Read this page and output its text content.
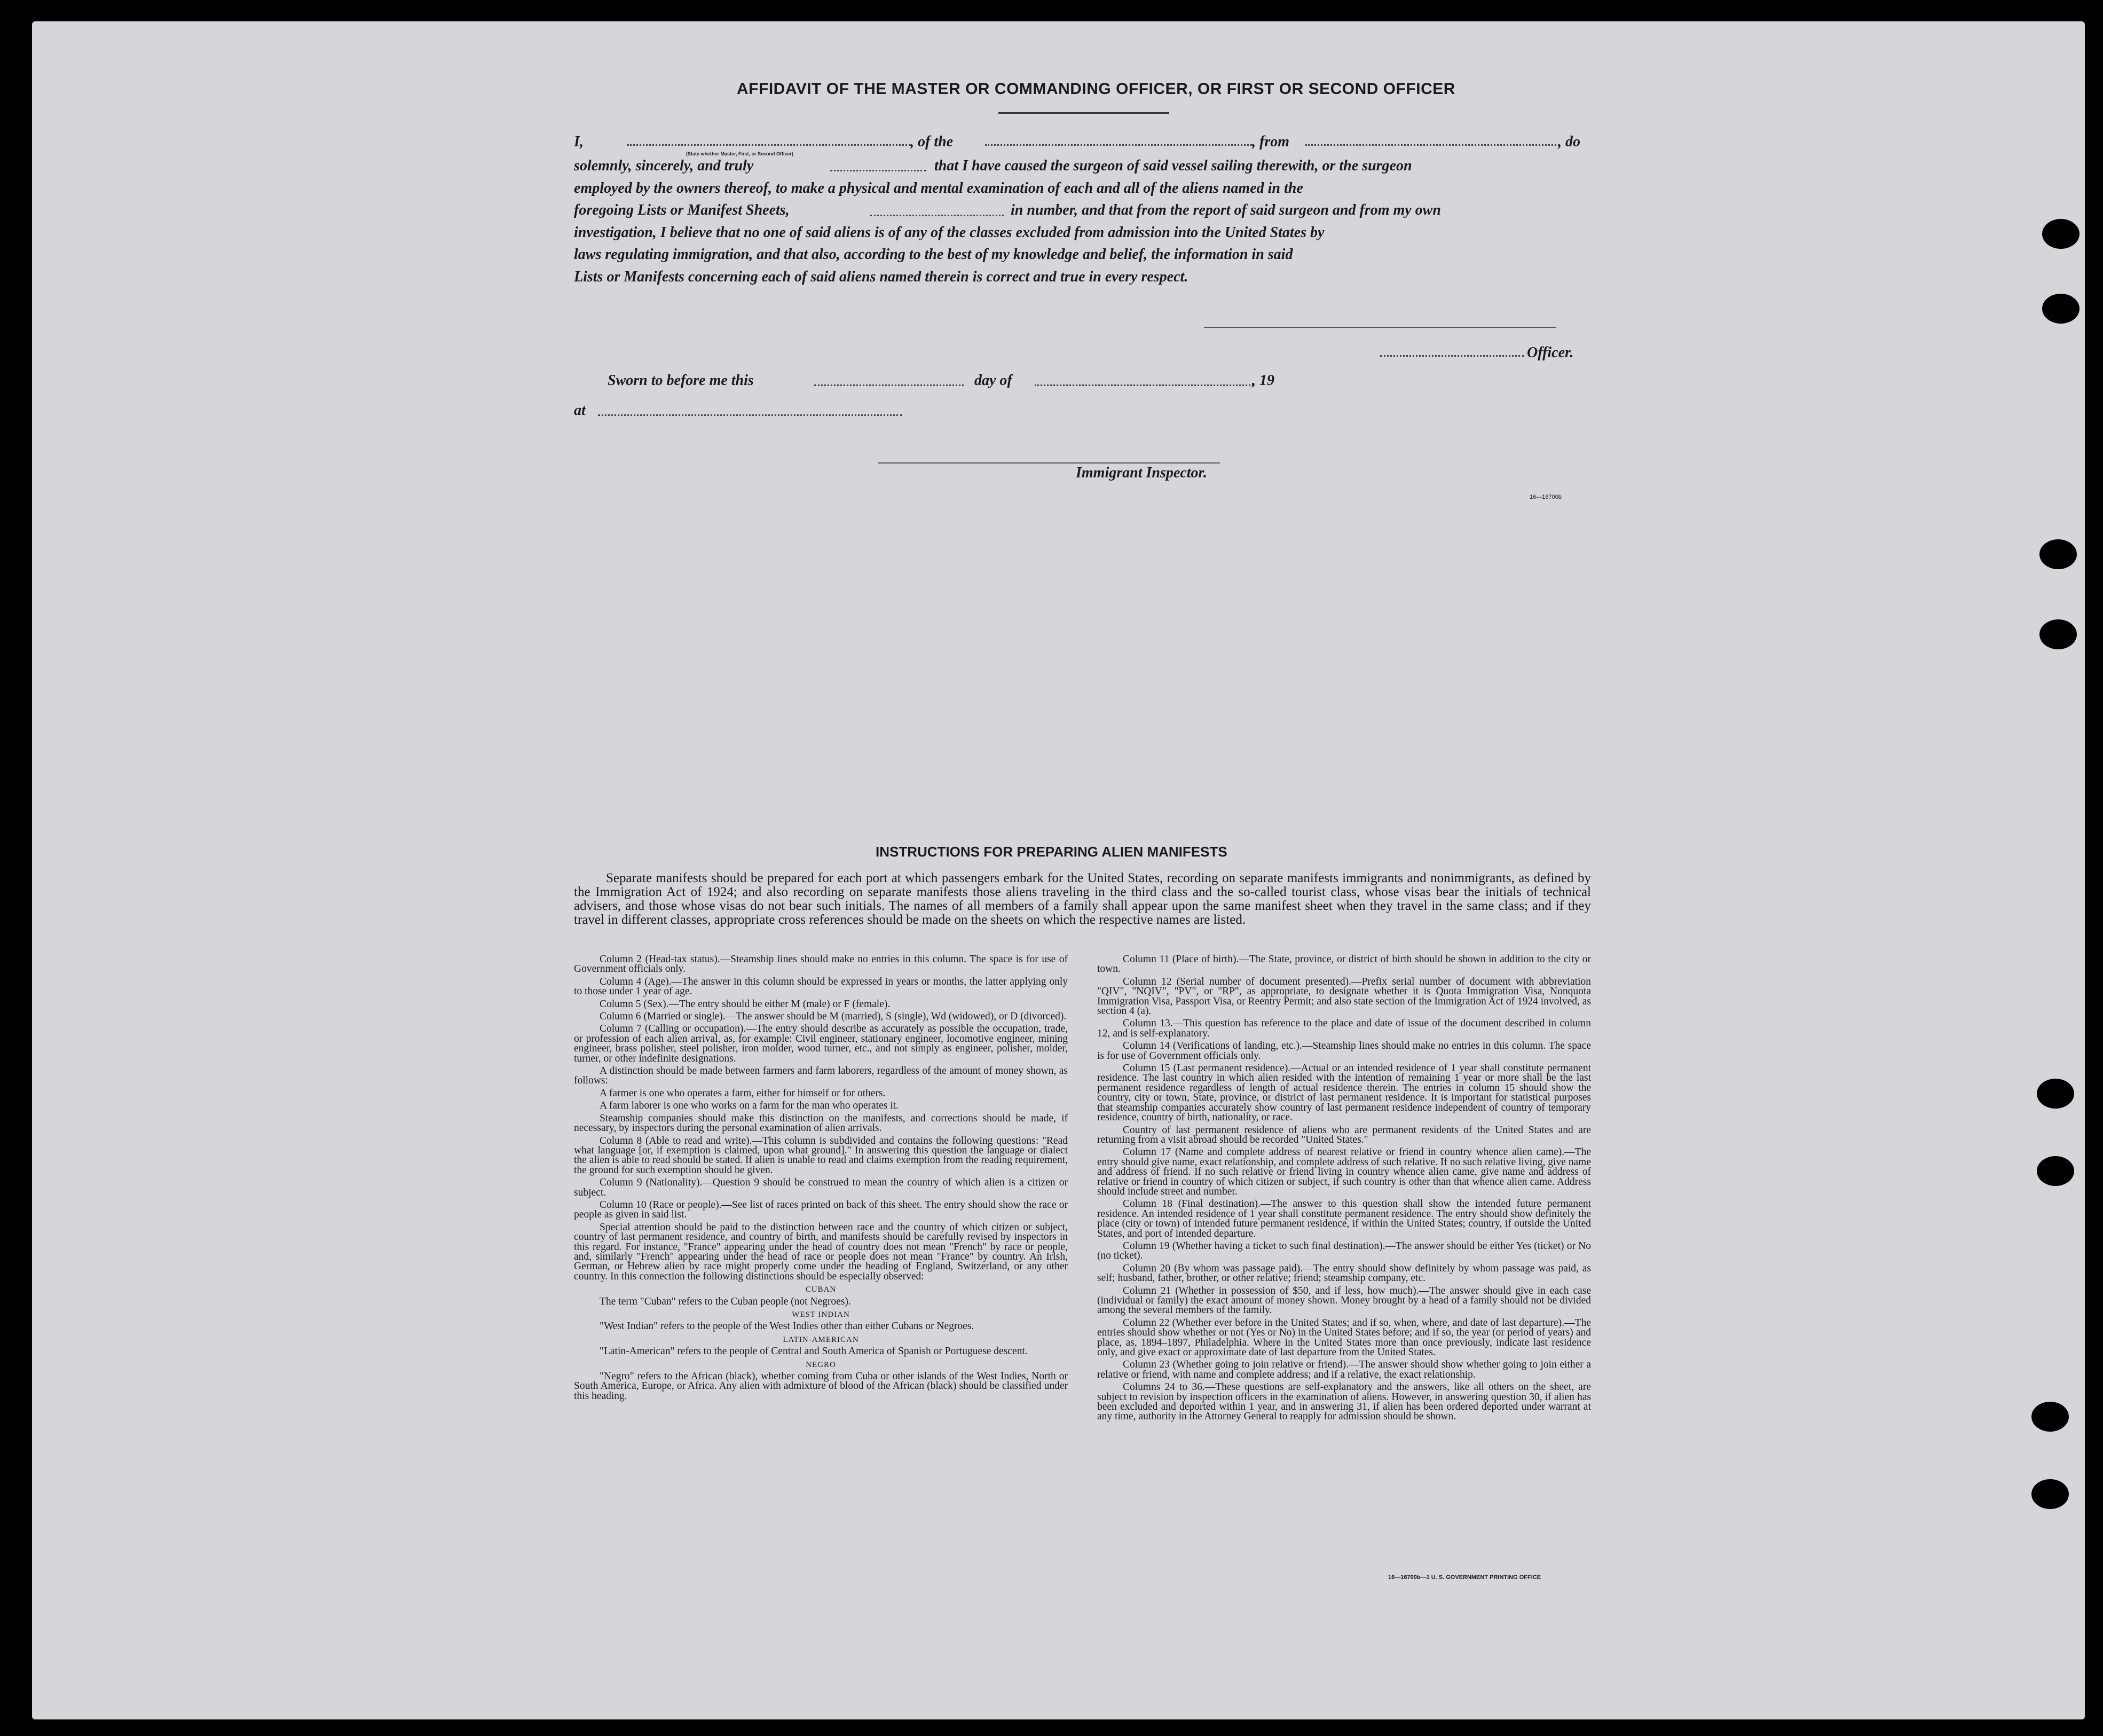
AFFIDAVIT OF THE MASTER OR COMMANDING OFFICER, OR FIRST OR SECOND OFFICER
I,	, of the	, from	, do
(State whether Master, First, or Second Officer)
solemnly, sincerely, and truly	that I have caused the surgeon of said vessel sailing therewith, or the surgeon
employed by the owners thereof, to make a physical and mental examination of each and all of the aliens named in the
foregoing Lists or Manifest Sheets,	in number, and that from the report of said surgeon and from my own
investigation, I believe that no one of said aliens is of any of the classes excluded from admission into the United States by
laws regulating immigration, and that also, according to the best of my knowledge and belief, the information in said
Lists or Manifests concerning each of said aliens named therein is correct and true in every respect.
Officer.
Sworn to before me this	day of	, 19
at
Immigrant Inspector.
16—16700b
INSTRUCTIONS FOR PREPARING ALIEN MANIFESTS
Separate manifests should be prepared for each port at which passengers embark for the United States, recording on separate manifests immigrants and nonimmigrants, as defined by the Immigration Act of 1924; and also recording on separate manifests those aliens traveling in the third class and the so-called tourist class, whose visas bear the initials of technical advisers, and those whose visas do not bear such initials. The names of all members of a family shall appear upon the same manifest sheet when they travel in the same class; and if they travel in different classes, appropriate cross references should be made on the sheets on which the respective names are listed.

Column 2 (Head-tax status).—Steamship lines should make no entries in this column. The space is for use of Government officials only.

Column 4 (Age).—The answer in this column should be expressed in years or months, the latter applying only to those under 1 year of age.

Column 5 (Sex).—The entry should be either M (male) or F (female).

Column 6 (Married or single).—The answer should be M (married), S (single), Wd (widowed), or D (divorced).

Column 7 (Calling or occupation).—The entry should describe as accurately as possible the occupation, trade, or profession of each alien arrival, as, for example: Civil engineer, stationary engineer, locomotive engineer, mining engineer, brass polisher, steel polisher, iron molder, wood turner, etc., and not simply as engineer, polisher, molder, turner, or other indefinite designations.

A distinction should be made between farmers and farm laborers, regardless of the amount of money shown, as follows:

A farmer is one who operates a farm, either for himself or for others.

A farm laborer is one who works on a farm for the man who operates it.

Steamship companies should make this distinction on the manifests, and corrections should be made, if necessary, by inspectors during the personal examination of alien arrivals.

Column 8 (Able to read and write).—This column is subdivided and contains the following questions: "Read what language [or, if exemption is claimed, upon what ground]." In answering this question the language or dialect the alien is able to read should be stated. If alien is unable to read and claims exemption from the reading requirement, the ground for such exemption should be given.

Column 9 (Nationality).—Question 9 should be construed to mean the country of which alien is a citizen or subject.

Column 10 (Race or people).—See list of races printed on back of this sheet. The entry should show the race or people as given in said list.

Special attention should be paid to the distinction between race and the country of which citizen or subject, country of last permanent residence, and country of birth, and manifests should be carefully revised by inspectors in this regard. For instance, "France" appearing under the head of country does not mean "French" by race or people, and, similarly "French" appearing under the head of race or people does not mean "France" by country. An Irish, German, or Hebrew alien by race might properly come under the heading of England, Switzerland, or any other country. In this connection the following distinctions should be especially observed:

CUBAN

The term "Cuban" refers to the Cuban people (not Negroes).

WEST INDIAN

"West Indian" refers to the people of the West Indies other than either Cubans or Negroes.

LATIN-AMERICAN

"Latin-American" refers to the people of Central and South America of Spanish or Portuguese descent.

NEGRO

"Negro" refers to the African (black), whether coming from Cuba or other islands of the West Indies, North or South America, Europe, or Africa. Any alien with admixture of blood of the African (black) should be classified under this heading.

Column 11 (Place of birth).—The State, province, or district of birth should be shown in addition to the city or town.

Column 12 (Serial number of document presented).—Prefix serial number of document with abbreviation "QIV", "NQIV", "PV", or "RP", as appropriate, to designate whether it is Quota Immigration Visa, Nonquota Immigration Visa, Passport Visa, or Reentry Permit; and also state section of the Immigration Act of 1924 involved, as section 4 (a).

Column 13.—This question has reference to the place and date of issue of the document described in column 12, and is self-explanatory.

Column 14 (Verifications of landing, etc.).—Steamship lines should make no entries in this column. The space is for use of Government officials only.

Column 15 (Last permanent residence).—Actual or an intended residence of 1 year shall constitute permanent residence. The last country in which alien resided with the intention of remaining 1 year or more shall be the last permanent residence regardless of length of actual residence therein. The entries in column 15 should show the country, city or town, State, province, or district of last permanent residence. It is important for statistical purposes that steamship companies accurately show country of last permanent residence independent of country of temporary residence, country of birth, nationality, or race.

Country of last permanent residence of aliens who are permanent residents of the United States and are returning from a visit abroad should be recorded "United States."

Column 17 (Name and complete address of nearest relative or friend in country whence alien came).—The entry should give name, exact relationship, and complete address of such relative. If no such relative living, give name and address of friend. If no such relative or friend living in country whence alien came, give name and address of relative or friend in country of which citizen or subject, if such country is other than that whence alien came. Address should include street and number.

Column 18 (Final destination).—The answer to this question shall show the intended future permanent residence. An intended residence of 1 year shall constitute permanent residence. The entry should show definitely the place (city or town) of intended future permanent residence, if within the United States; country, if outside the United States, and port of intended departure.

Column 19 (Whether having a ticket to such final destination).—The answer should be either Yes (ticket) or No (no ticket).

Column 20 (By whom was passage paid).—The entry should show definitely by whom passage was paid, as self; husband, father, brother, or other relative; friend; steamship company, etc.

Column 21 (Whether in possession of $50, and if less, how much).—The answer should give in each case (individual or family) the exact amount of money shown. Money brought by a head of a family should not be divided among the several members of the family.

Column 22 (Whether ever before in the United States; and if so, when, where, and date of last departure).—The entries should show whether or not (Yes or No) in the United States before; and if so, the year (or period of years) and place, as, 1894–1897, Philadelphia. Where in the United States more than once previously, indicate last residence only, and give exact or approximate date of last departure from the United States.

Column 23 (Whether going to join relative or friend).—The answer should show whether going to join either a relative or friend, with name and complete address; and if a relative, the exact relationship.

Columns 24 to 36.—These questions are self-explanatory and the answers, like all others on the sheet, are subject to revision by inspection officers in the examination of aliens. However, in answering question 30, if alien has been excluded and deported within 1 year, and in answering 31, if alien has been ordered deported under warrant at any time, authority in the Attorney General to reapply for admission should be shown.

16—16700b—1 U. S. GOVERNMENT PRINTING OFFICE
